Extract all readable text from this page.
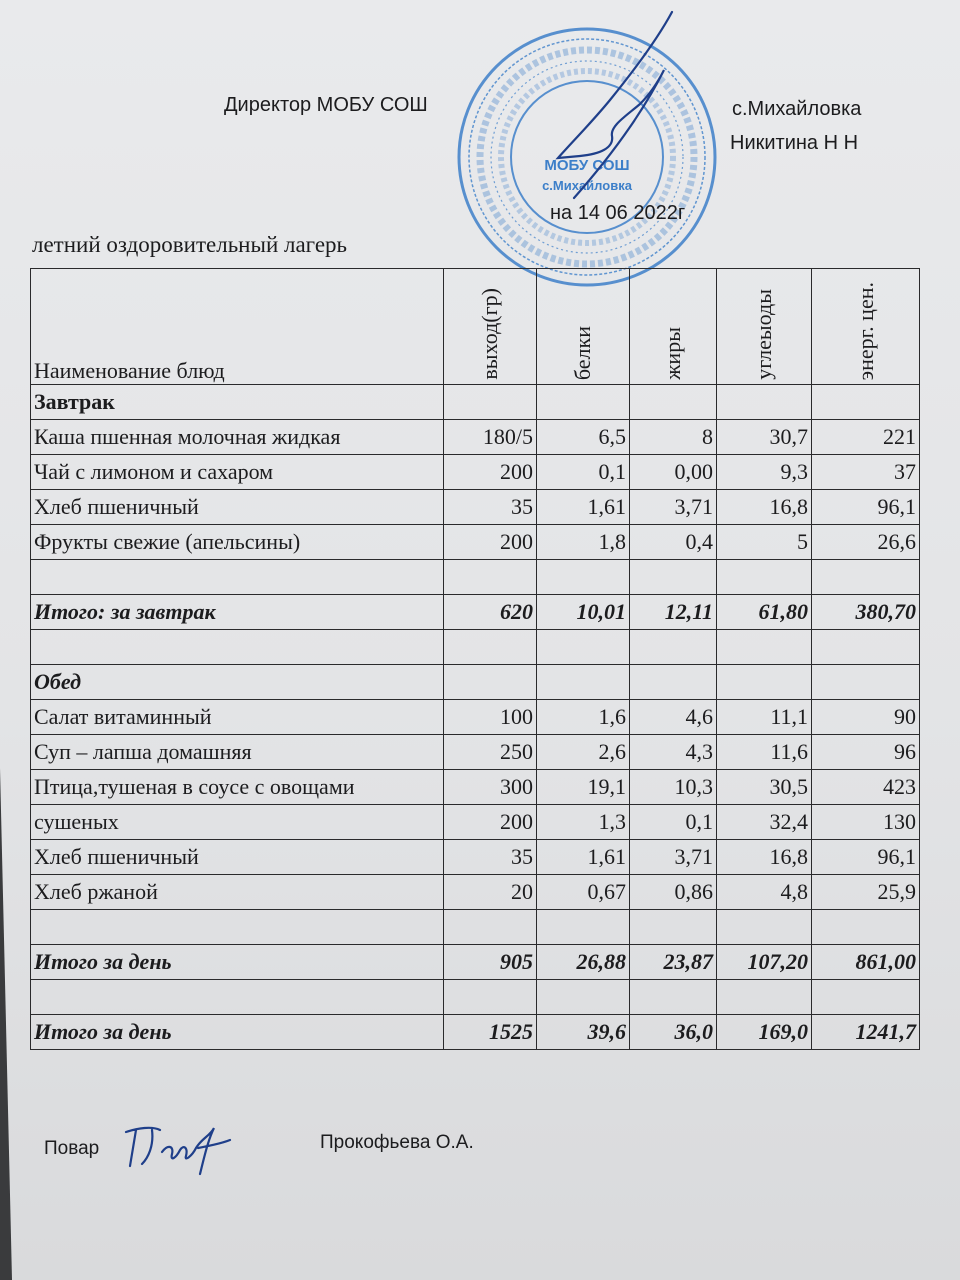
МОБУ СОШ
с.Михайловка
Директор МОБУ СОШ	с.Михайловка
Никитина Н Н
на 14 06 2022г
летний оздоровительный лагерь
Наименование блюд	выход(гр)	белки	жиры	углеыоды	энерг. цен.

Завтрак					
Каша пшенная молочная жидкая	180/5	6,5	8	30,7	221
Чай с лимоном и сахаром	200	0,1	0,00	9,3	37
Хлеб пшеничный	35	1,61	3,71	16,8	96,1
Фрукты свежие (апельсины)	200	1,8	0,4	5	26,6

Итого: за завтрак	620	10,01	12,11	61,80	380,70

Обед					
Салат витаминный	100	1,6	4,6	11,1	90
Суп – лапша домашняя	250	2,6	4,3	11,6	96
Птица,тушеная в соусе с овощами	300	19,1	10,3	30,5	423
сушеных	200	1,3	0,1	32,4	130
Хлеб пшеничный	35	1,61	3,71	16,8	96,1
Хлеб ржаной	20	0,67	0,86	4,8	25,9

Итого за день	905	26,88	23,87	107,20	861,00

Итого за день	1525	39,6	36,0	169,0	1241,7
Повар	Прокофьева О.А.
